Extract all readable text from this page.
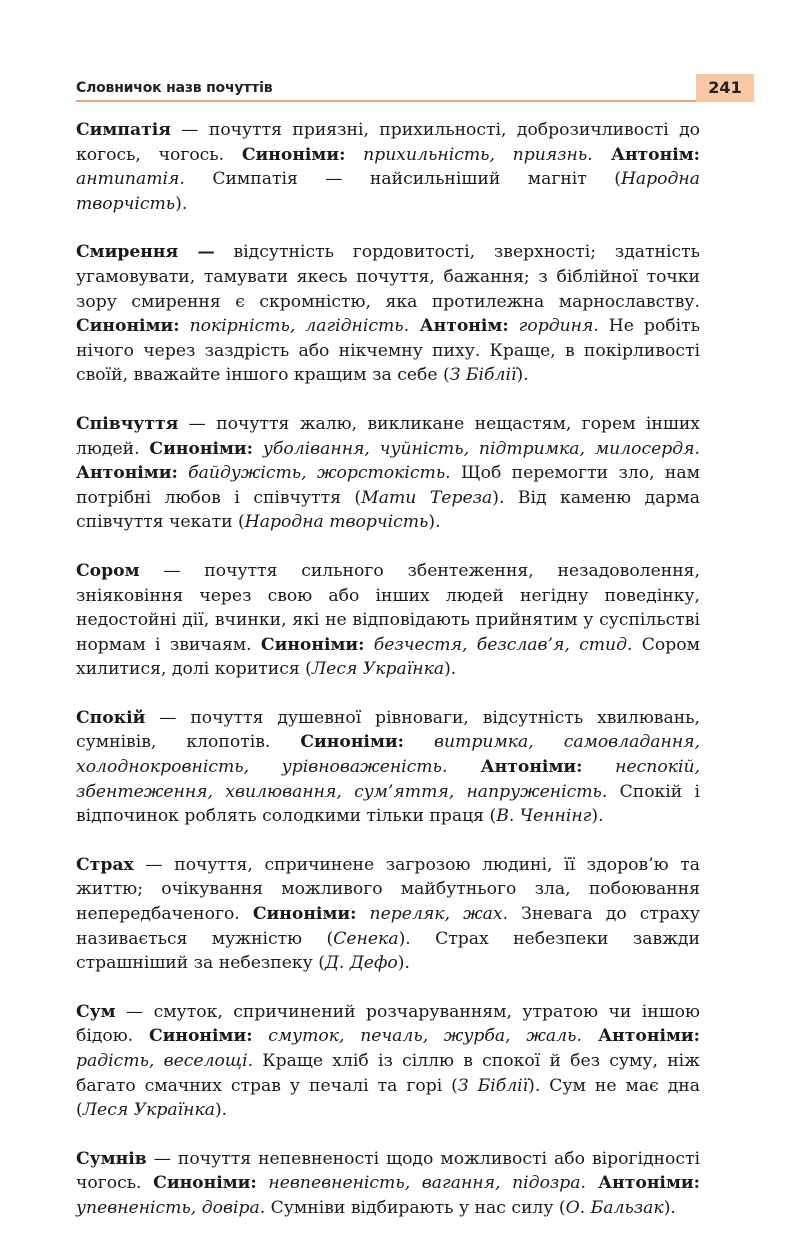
Словничок назв почуттів	241

Симпатія — почуття приязні, прихильності, доброзичливості до когось, чогось. Синоніми: прихильність, приязнь. Антонім: антипатія. Симпатія — найсильніший магніт (Народна творчість).

Смирення — відсутність гордовитості, зверхності; здатність угамовувати, тамувати якесь почуття, бажання; з біблійної точки зору смирення є скромністю, яка протилежна марнославству. Синоніми: покірність, лагідність. Антонім: гординя. Не робіть нічого через заздрість або нікчемну пиху. Краще, в покірливості своїй, вважайте іншого кращим за себе (З Біблії).

Співчуття — почуття жалю, викликане нещастям, горем інших людей. Синоніми: уболівання, чуйність, підтримка, милосердя. Антоніми: байдужість, жорстокість. Щоб перемогти зло, нам потрібні любов і співчуття (Мати Тереза). Від каменю дарма співчуття чекати (Народна творчість).

Сором — почуття сильного збентеження, незадоволення, зніяковіння через свою або інших людей негідну поведінку, недостойні дії, вчинки, які не відповідають прийнятим у суспільстві нормам і звичаям. Синоніми: безчестя, безслав’я, стид. Сором хилитися, долі коритися (Леся Українка).

Спокій — почуття душевної рівноваги, відсутність хвилювань, сумнівів, клопотів. Синоніми: витримка, самовладання, холоднокровність, урівноваженість. Антоніми: неспокій, збентеження, хвилювання, сум’яття, напруженість. Спокій і відпочинок роблять солодкими тільки праця (В. Ченнінг).

Страх — почуття, спричинене загрозою людині, її здоров’ю та життю; очікування можливого майбутнього зла, побоювання непередбаченого. Синоніми: переляк, жах. Зневага до страху називається мужністю (Сенека). Страх небезпеки завжди страшніший за небезпеку (Д. Дефо).

Сум — смуток, спричинений розчаруванням, утратою чи іншою бідою. Синоніми: смуток, печаль, журба, жаль. Антоніми: радість, веселощі. Краще хліб із сіллю в спокої й без суму, ніж багато смачних страв у печалі та горі (З Біблії). Сум не має дна (Леся Українка).

Сумнів — почуття непевненості щодо можливості або вірогідності чогось. Синоніми: невпевненість, вагання, підозра. Антоніми: упевненість, довіра. Сумніви відбирають у нас силу (О. Бальзак).
